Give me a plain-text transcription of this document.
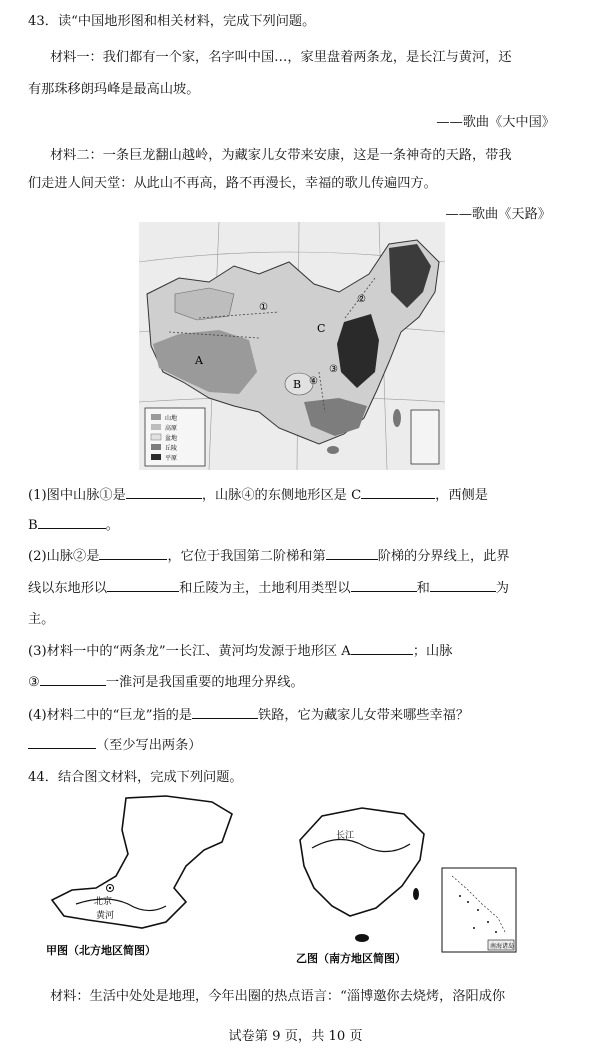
43．读“中国地形图和相关材料，完成下列问题。
材料一：我们都有一个家，名字叫中国…，家里盘着两条龙，是长江与黄河，还
有那珠移朗玛峰是最高山坡。
——歌曲《大中国》
材料二：一条巨龙翻山越岭，为藏家儿女带来安康，这是一条神奇的天路，带我
们走进人间天堂：从此山不再高，路不再漫长，幸福的歌儿传遍四方。
——歌曲《天路》
山地
高原
盆地
丘陵
平原
A
B
C
①
②
③
④
(1)图中山脉①是	，山脉④的东侧地形区是 C	，西侧是
B	。
(2)山脉②是	，它位于我国第二阶梯和第	阶梯的分界线上，此界
线以东地形以	和丘陵为主，土地利用类型以	和	为
主。
(3)材料一中的“两条龙”一长江、黄河均发源于地形区 A	；山脉
③	一淮河是我国重要的地理分界线。
(4)材料二中的“巨龙”指的是	铁路，它为藏家儿女带来哪些幸福？
（至少写出两条）
44．结合图文材料，完成下列问题。
北京
黄河
甲图（北方地区简图）
长江
南海诸岛
乙图（南方地区简图）
材料：生活中处处是地理，今年出圈的热点语言：“淄博邀你去烧烤，洛阳成你
试卷第 9 页，共 10 页
